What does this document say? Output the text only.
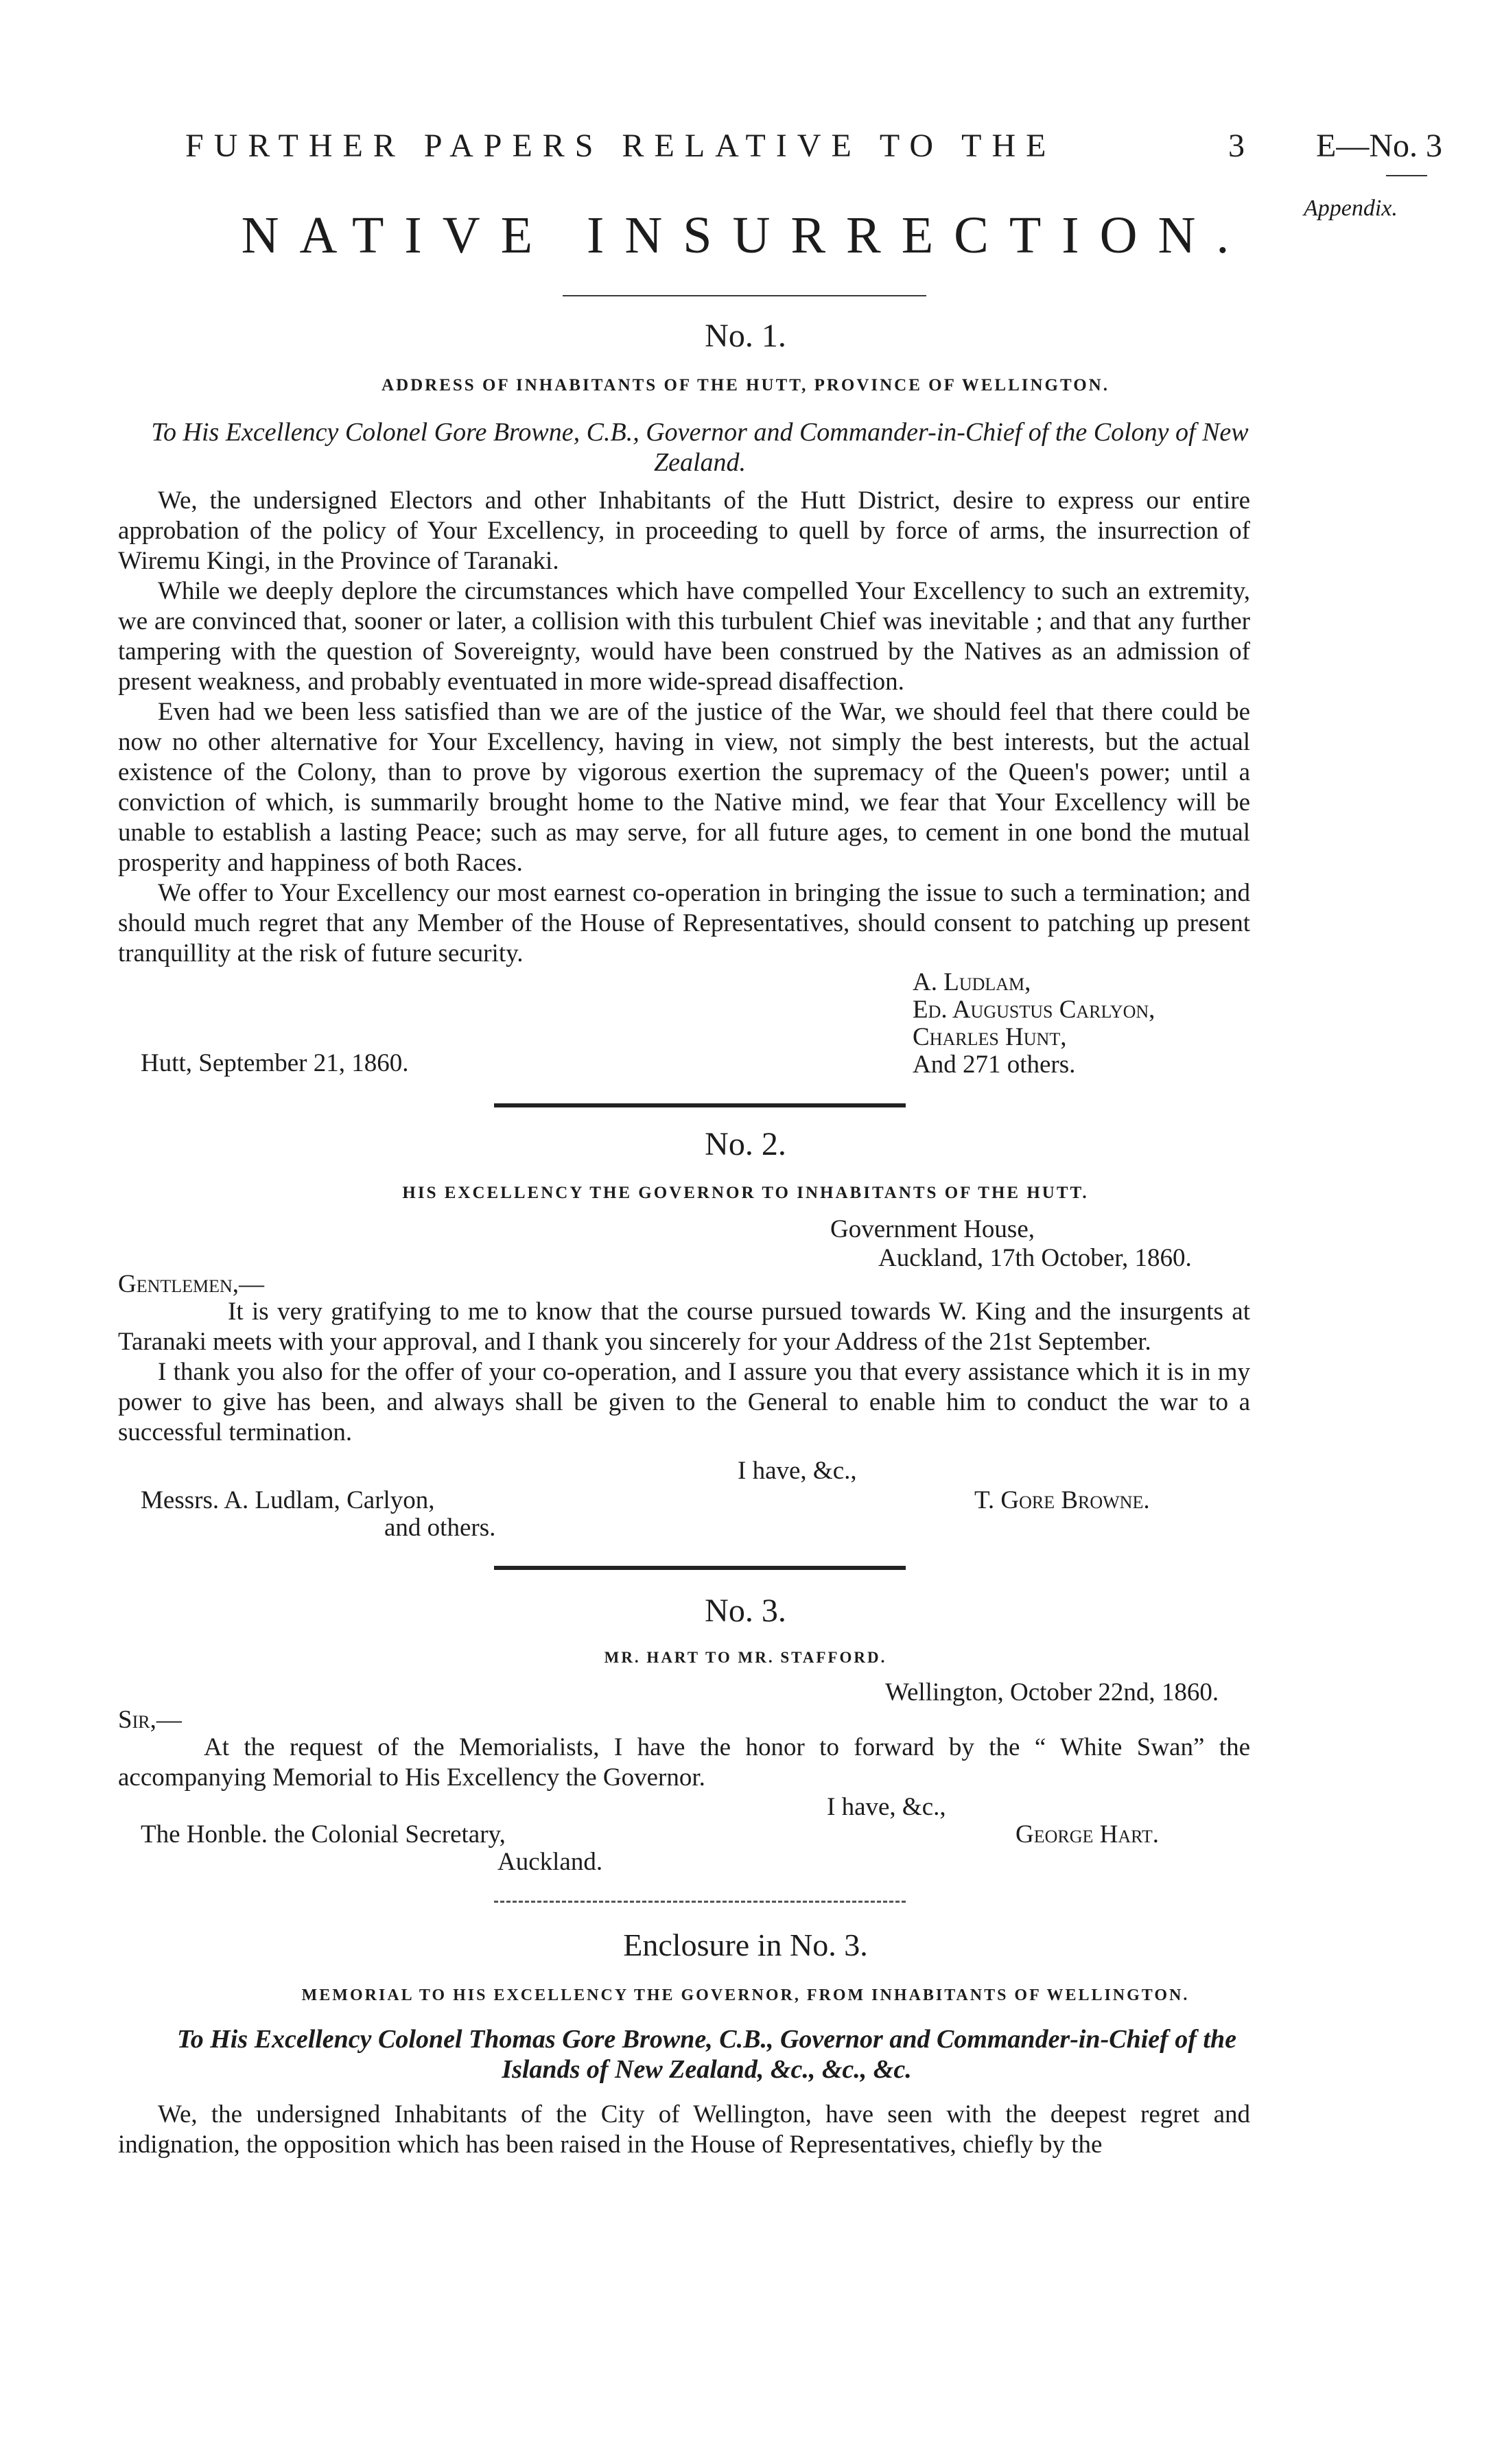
FURTHER PAPERS RELATIVE TO THE	3 E—No. 3
Appendix.
NATIVE INSURRECTION.
No. 1.
ADDRESS OF INHABITANTS OF THE HUTT, PROVINCE OF WELLINGTON.
To His Excellency Colonel Gore Browne, C.B., Governor and Commander-in-Chief of the Colony of New Zealand.

We, the undersigned Electors and other Inhabitants of the Hutt District, desire to express our entire approbation of the policy of Your Excellency, in proceeding to quell by force of arms, the insurrection of Wiremu Kingi, in the Province of Taranaki.

While we deeply deplore the circumstances which have compelled Your Excellency to such an extremity, we are convinced that, sooner or later, a collision with this turbulent Chief was inevitable ; and that any further tampering with the question of Sovereignty, would have been construed by the Natives as an admission of present weakness, and probably eventuated in more wide-spread disaffection.

Even had we been less satisfied than we are of the justice of the War, we should feel that there could be now no other alternative for Your Excellency, having in view, not simply the best interests, but the actual existence of the Colony, than to prove by vigorous exertion the supremacy of the Queen's power; until a conviction of which, is summarily brought home to the Native mind, we fear that Your Excellency will be unable to establish a lasting Peace; such as may serve, for all future ages, to cement in one bond the mutual prosperity and happiness of both Races.

We offer to Your Excellency our most earnest co-operation in bringing the issue to such a termination; and should much regret that any Member of the House of Representatives, should consent to patching up present tranquillity at the risk of future security.

A. Ludlam,
Ed. Augustus Carlyon,
Charles Hunt,
And 271 others.
Hutt, September 21, 1860.
No. 2.
HIS EXCELLENCY THE GOVERNOR TO INHABITANTS OF THE HUTT.
Government House,
Auckland, 17th October, 1860.
Gentlemen,—

It is very gratifying to me to know that the course pursued towards W. King and the insurgents at Taranaki meets with your approval, and I thank you sincerely for your Address of the 21st September.

I thank you also for the offer of your co-operation, and I assure you that every assistance which it is in my power to give has been, and always shall be given to the General to enable him to conduct the war to a successful termination.

I have, &c.,
Messrs. A. Ludlam, Carlyon,
and others.
T. Gore Browne.
No. 3.
MR. HART TO MR. STAFFORD.
Wellington, October 22nd, 1860.
Sir,—

At the request of the Memorialists, I have the honor to forward by the “ White Swan” the accompanying Memorial to His Excellency the Governor.

I have, &c.,
The Honble. the Colonial Secretary,
Auckland.
George Hart.
Enclosure in No. 3.
MEMORIAL TO HIS EXCELLENCY THE GOVERNOR, FROM INHABITANTS OF WELLINGTON.
To His Excellency Colonel Thomas Gore Browne, C.B., Governor and Commander-in-Chief of the Islands of New Zealand, &c., &c., &c.

We, the undersigned Inhabitants of the City of Wellington, have seen with the deepest regret and indignation, the opposition which has been raised in the House of Representatives, chiefly by the
